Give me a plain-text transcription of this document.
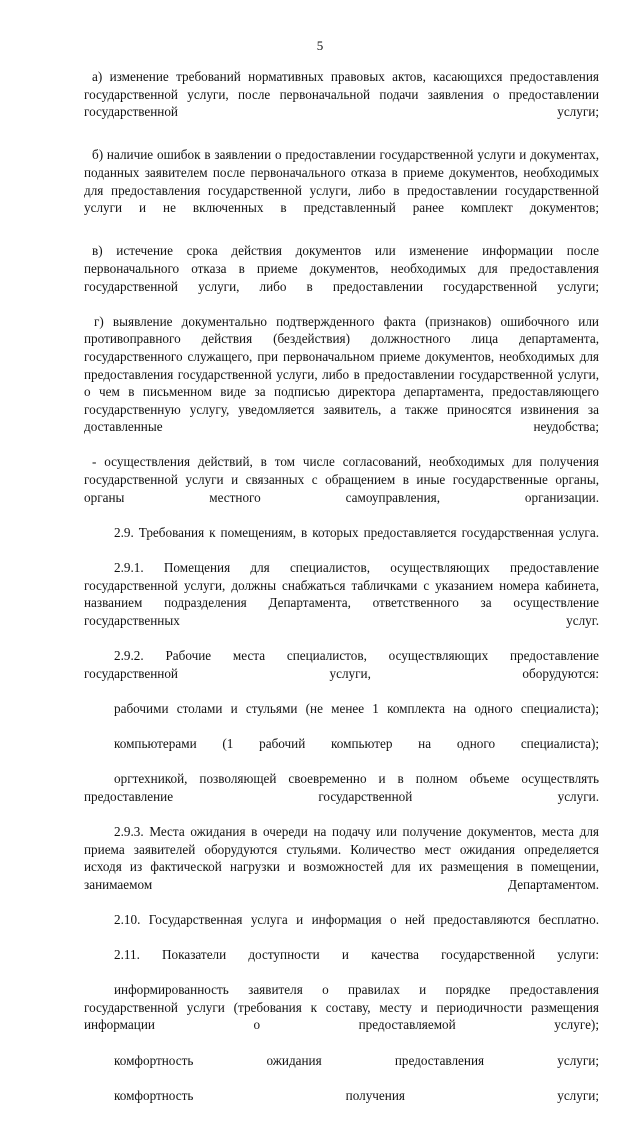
5

а) изменение требований нормативных правовых актов, касающихся предоставления государственной услуги, после первоначальной подачи заявления о предоставлении государственной услуги;

б) наличие ошибок в заявлении о предоставлении государственной услуги и документах, поданных заявителем после первоначального отказа в приеме документов, необходимых для предоставления государственной услуги, либо в предоставлении государственной услуги и не включенных в представленный ранее комплект документов;

в) истечение срока действия документов или изменение информации после первоначального отказа в приеме документов, необходимых для предоставления государственной услуги, либо в предоставлении государственной услуги;

г) выявление документально подтвержденного факта (признаков) ошибочного или противоправного действия (бездействия) должностного лица департамента, государственного служащего, при первоначальном приеме документов, необходимых для предоставления государственной услуги, либо в предоставлении государственной услуги, о чем в письменном виде за подписью директора департамента, предоставляющего государственную услугу, уведомляется заявитель, а также приносятся извинения за доставленные неудобства;

- осуществления действий, в том числе согласований, необходимых для получения государственной услуги и связанных с обращением в иные государственные органы, органы местного самоуправления, организации.

2.9. Требования к помещениям, в которых предоставляется государственная услуга.

2.9.1. Помещения для специалистов, осуществляющих предоставление государственной услуги, должны снабжаться табличками с указанием номера кабинета, названием подразделения Департамента, ответственного за осуществление государственных услуг.

2.9.2. Рабочие места специалистов, осуществляющих предоставление государственной услуги, оборудуются:

рабочими столами и стульями (не менее 1 комплекта на одного специалиста);

компьютерами (1 рабочий компьютер на одного специалиста);

оргтехникой, позволяющей своевременно и в полном объеме осуществлять предоставление государственной услуги.

2.9.3. Места ожидания в очереди на подачу или получение документов, места для приема заявителей оборудуются стульями. Количество мест ожидания определяется исходя из фактической нагрузки и возможностей для их размещения в помещении, занимаемом Департаментом.

2.10. Государственная услуга и информация о ней предоставляются бесплатно.

2.11. Показатели доступности и качества государственной услуги:

информированность заявителя о правилах и порядке предоставления государственной услуги (требования к составу, месту и периодичности размещения информации о предоставляемой услуге);

комфортность ожидания предоставления услуги;

комфортность получения услуги;
